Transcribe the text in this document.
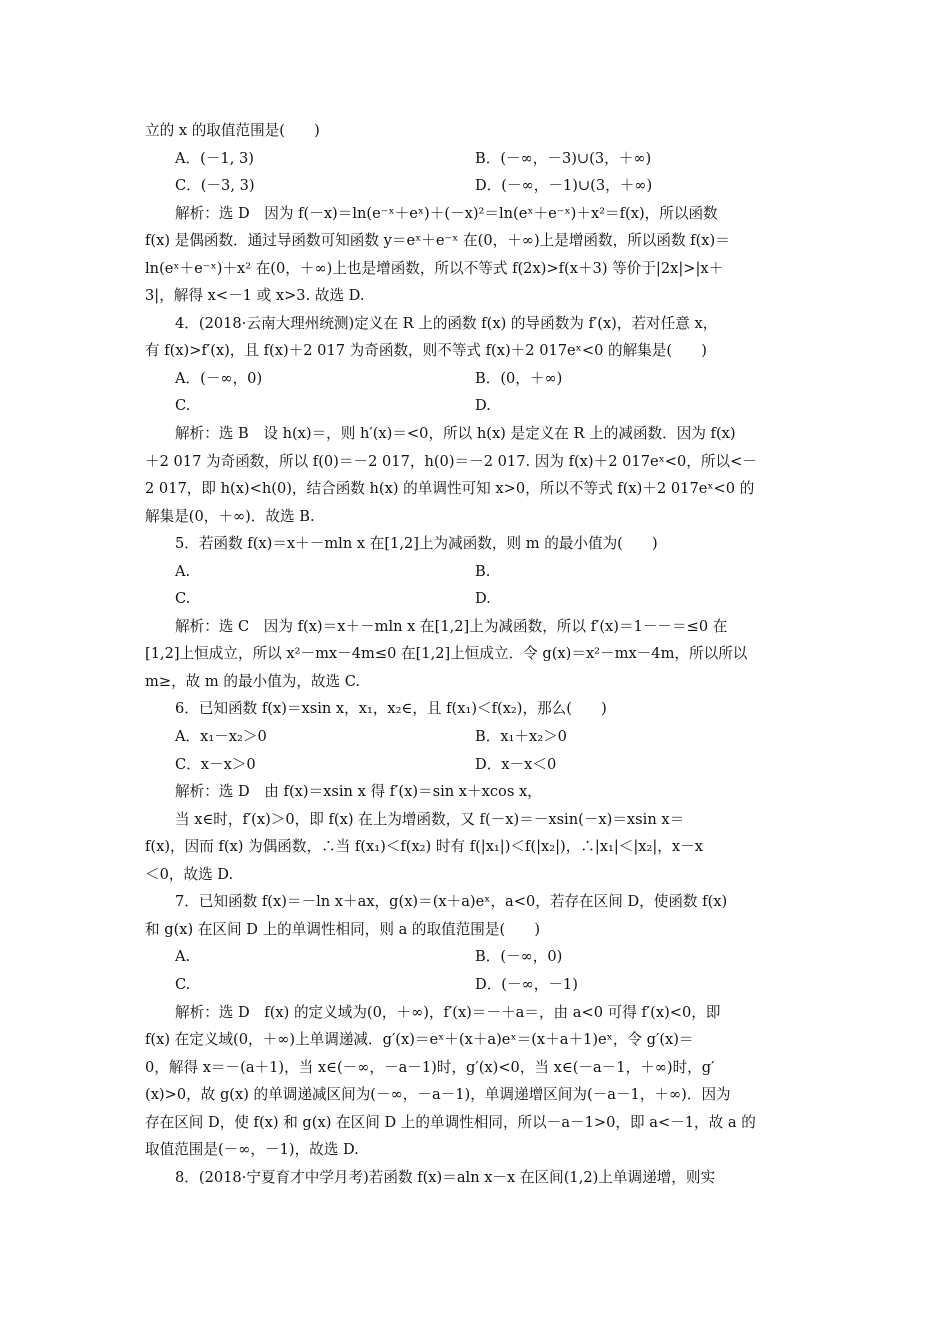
立的 x 的取值范围是(　　)
A．(－1, 3)	B．(－∞，－3)∪(3，＋∞)
C．(－3, 3)	D．(－∞，－1)∪(3，＋∞)
解析：选 D　因为 f(－x)＝ln(e⁻ˣ＋eˣ)＋(－x)²＝ln(eˣ＋e⁻ˣ)＋x²＝f(x)，所以函数
f(x) 是偶函数．通过导函数可知函数 y＝eˣ＋e⁻ˣ 在(0，＋∞)上是增函数，所以函数 f(x)＝
ln(eˣ＋e⁻ˣ)＋x² 在(0，＋∞)上也是增函数，所以不等式 f(2x)>f(x＋3) 等价于|2x|>|x＋
3|，解得 x<－1 或 x>3. 故选 D.
4．(2018·云南大理州统测)定义在 R 上的函数 f(x) 的导函数为 f′(x)，若对任意 x，
有 f(x)>f′(x)，且 f(x)＋2 017 为奇函数，则不等式 f(x)＋2 017eˣ<0 的解集是(　　)
A．(－∞，0)	B．(0，＋∞)
C.	D.
解析：选 B　设 h(x)＝，则 h′(x)＝<0，所以 h(x) 是定义在 R 上的减函数．因为 f(x)
＋2 017 为奇函数，所以 f(0)＝－2 017，h(0)＝－2 017. 因为 f(x)＋2 017eˣ<0，所以<－
2 017，即 h(x)<h(0)，结合函数 h(x) 的单调性可知 x>0，所以不等式 f(x)＋2 017eˣ<0 的
解集是(0，＋∞)．故选 B.
5．若函数 f(x)＝x＋－mln x 在[1,2]上为减函数，则 m 的最小值为(　　)
A.	B.
C.	D.
解析：选 C　因为 f(x)＝x＋－mln x 在[1,2]上为减函数，所以 f′(x)＝1－－＝≤0 在
[1,2]上恒成立，所以 x²－mx－4m≤0 在[1,2]上恒成立．令 g(x)＝x²－mx－4m，所以所以
m≥，故 m 的最小值为，故选 C.
6．已知函数 f(x)＝xsin x，x₁，x₂∈，且 f(x₁)＜f(x₂)，那么(　　)
A．x₁－x₂＞0	B．x₁＋x₂＞0
C．x－x＞0	D．x－x＜0
解析：选 D　由 f(x)＝xsin x 得 f′(x)＝sin x＋xcos x，
当 x∈时，f′(x)＞0，即 f(x) 在上为增函数，又 f(－x)＝－xsin(－x)＝xsin x＝
f(x)，因而 f(x) 为偶函数，∴当 f(x₁)＜f(x₂) 时有 f(|x₁|)＜f(|x₂|)，∴|x₁|＜|x₂|，x－x
＜0，故选 D.
7．已知函数 f(x)＝－ln x＋ax，g(x)＝(x＋a)eˣ，a<0，若存在区间 D，使函数 f(x)
和 g(x) 在区间 D 上的单调性相同，则 a 的取值范围是(　　)
A.	B．(－∞，0)
C.	D．(－∞，－1)
解析：选 D　f(x) 的定义域为(0，＋∞)，f′(x)＝－＋a＝，由 a<0 可得 f′(x)<0，即
f(x) 在定义域(0，＋∞)上单调递减．g′(x)＝eˣ＋(x＋a)eˣ＝(x＋a＋1)eˣ，令 g′(x)＝
0，解得 x＝－(a＋1)，当 x∈(－∞，－a－1)时，g′(x)<0，当 x∈(－a－1，＋∞)时，g′
(x)>0，故 g(x) 的单调递减区间为(－∞，－a－1)，单调递增区间为(－a－1，＋∞)．因为
存在区间 D，使 f(x) 和 g(x) 在区间 D 上的单调性相同，所以－a－1>0，即 a<－1，故 a 的
取值范围是(－∞，－1)，故选 D.
8．(2018·宁夏育才中学月考)若函数 f(x)＝aln x－x 在区间(1,2)上单调递增，则实
